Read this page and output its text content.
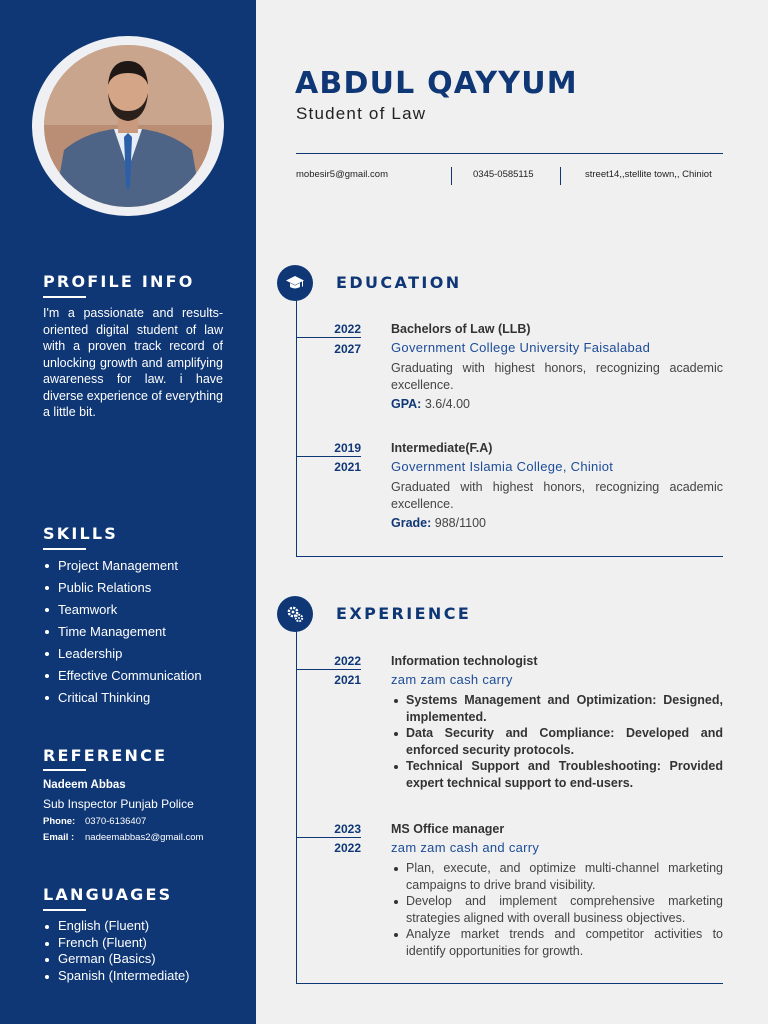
PROFILE INFO
I'm a passionate and results-oriented digital student of law with a proven track record of unlocking growth and amplifying awareness for law. i have diverse experience of everything a little bit.
SKILLS
Project Management
Public Relations
Teamwork
Time Management
Leadership
Effective Communication
Critical Thinking
REFERENCE
Nadeem Abbas
Sub Inspector Punjab Police
Phone: 0370-6136407
Email : nadeemabbas2@gmail.com
LANGUAGES
English (Fluent)
French (Fluent)
German (Basics)
Spanish (Intermediate)
ABDUL QAYYUM
Student of Law
mobesir5@gmail.com	0345-0585115	street14,,stellite town,, Chiniot
EDUCATION
2022
2027
Bachelors of Law (LLB)
Government College University Faisalabad
Graduating with highest honors, recognizing academic excellence.
GPA: 3.6/4.00
2019
2021
Intermediate(F.A)
Government Islamia College, Chiniot
Graduated with highest honors, recognizing academic excellence.
Grade: 988/1100
EXPERIENCE
2022
2021
Information technologist
zam zam cash carry
Systems Management and Optimization: Designed, implemented.
Data Security and Compliance: Developed and enforced security protocols.
Technical Support and Troubleshooting: Provided expert technical support to end-users.
2023
2022
MS Office manager
zam zam cash and carry
Plan, execute, and optimize multi-channel marketing campaigns to drive brand visibility.
Develop and implement comprehensive marketing strategies aligned with overall business objectives.
Analyze market trends and competitor activities to identify opportunities for growth.
